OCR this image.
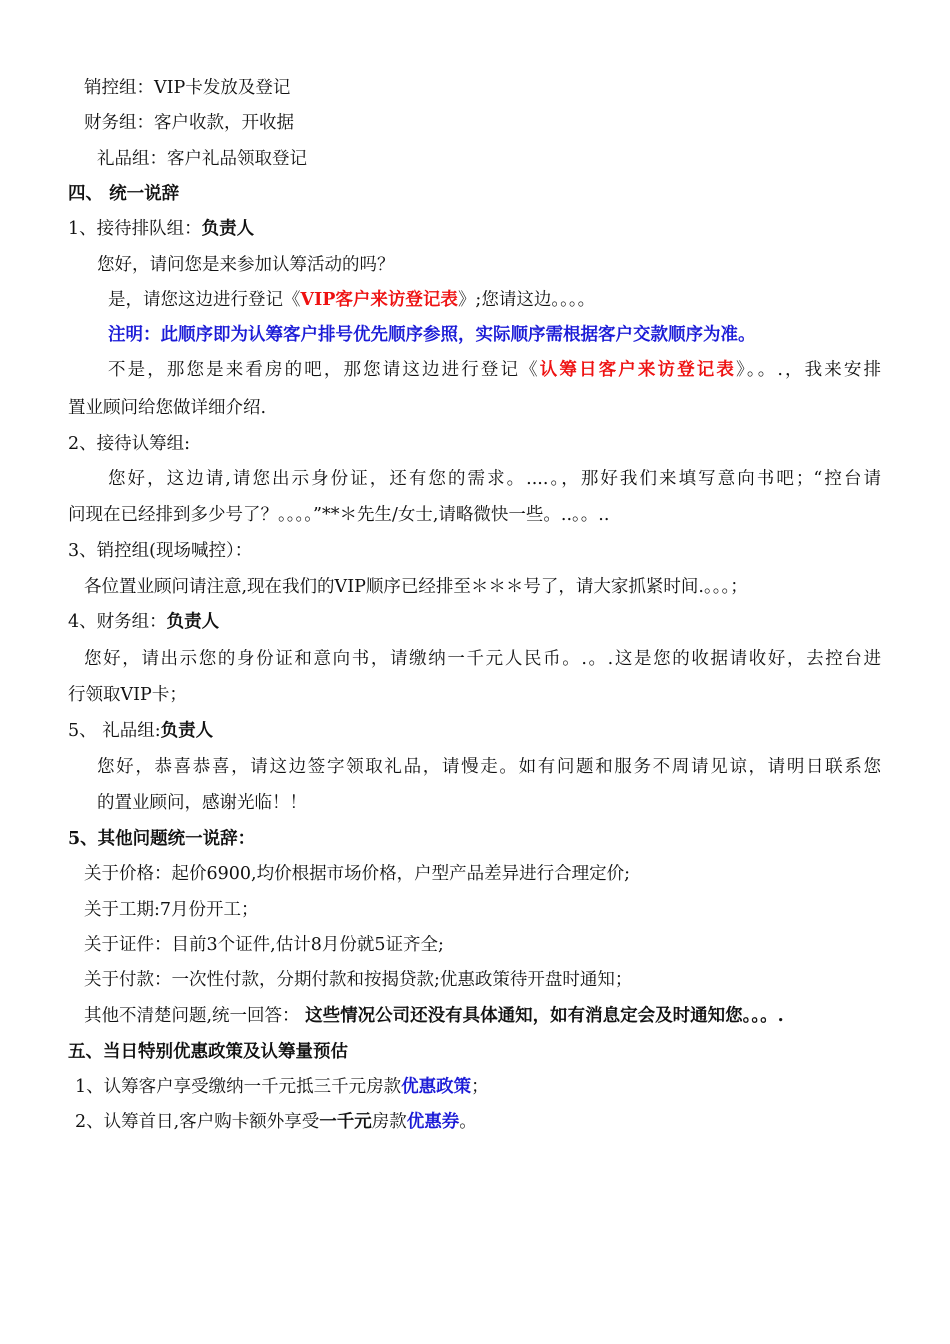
销控组：VIP卡发放及登记
财务组：客户收款，开收据
礼品组：客户礼品领取登记
四、 统一说辞
1、接待排队组：负责人
您好，请问您是来参加认筹活动的吗？
是，请您这边进行登记《VIP客户来访登记表》;您请这边。。。。
注明：此顺序即为认筹客户排号优先顺序参照，实际顺序需根据客户交款顺序为准。
不是，那您是来看房的吧，那您请这边进行登记《认筹日客户来访登记表》。。.，我来安排
置业顾问给您做详细介绍.
2、接待认筹组:
您好，这边请,请您出示身份证，还有您的需求。....。，那好我们来填写意向书吧；“控台请
问现在已经排到多少号了？。。。。”**＊先生/女士,请略微快一些。..。。..
3、销控组(现场喊控）：
各位置业顾问请注意,现在我们的VIP顺序已经排至＊＊＊号了，请大家抓紧时间.。。。；
4、财务组：负责人
您好，请出示您的身份证和意向书，请缴纳一千元人民币。.。.这是您的收据请收好，去控台进
行领取VIP卡；
5、 礼品组:负责人
您好，恭喜恭喜，请这边签字领取礼品，请慢走。如有问题和服务不周请见谅，请明日联系您
的置业顾问，感谢光临！！
5、其他问题统一说辞：
关于价格：起价6900,均价根据市场价格，户型产品差异进行合理定价;
关于工期:7月份开工；
关于证件：目前3个证件,估计8月份就5证齐全;
关于付款：一次性付款，分期付款和按揭贷款;优惠政策待开盘时通知；
其他不清楚问题,统一回答： 这些情况公司还没有具体通知，如有消息定会及时通知您。。。.
五、当日特别优惠政策及认筹量预估
1、认筹客户享受缴纳一千元抵三千元房款优惠政策；
2、认筹首日,客户购卡额外享受一千元房款优惠券。
